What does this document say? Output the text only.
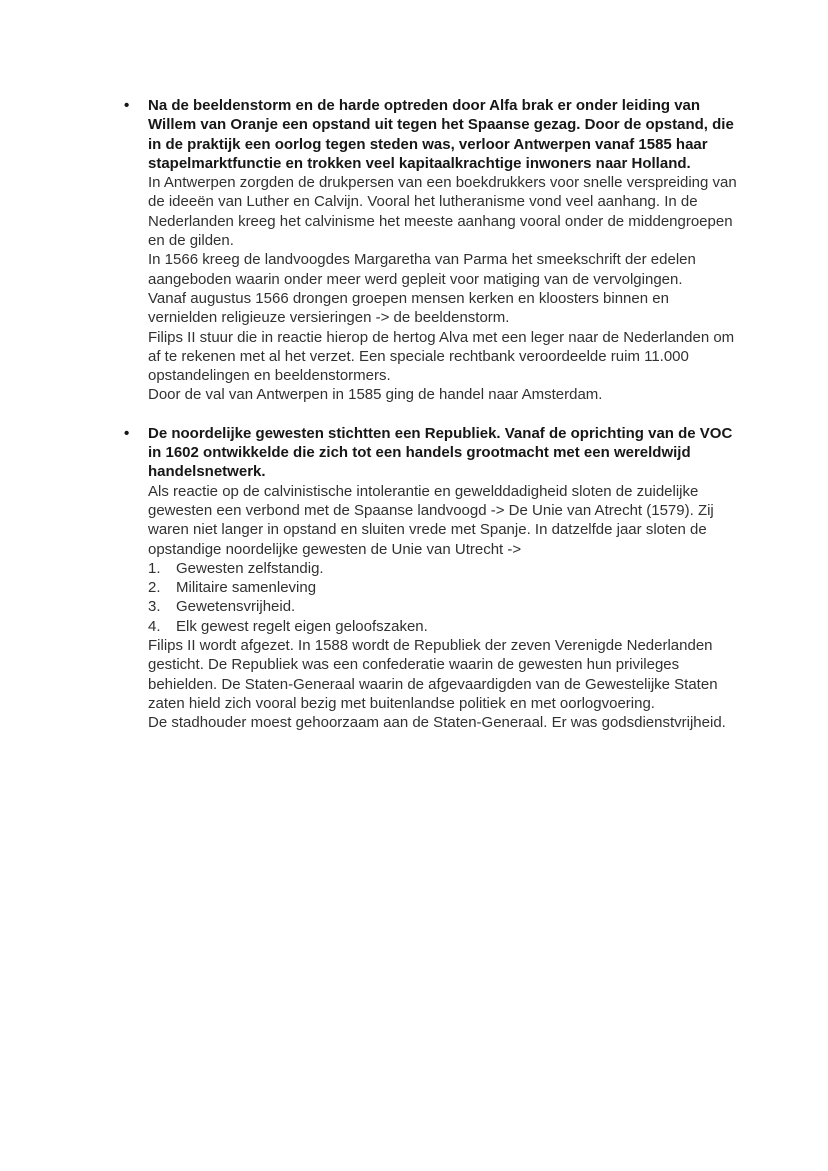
•	Na de beeldenstorm en de harde optreden door Alfa brak er onder leiding van Willem van Oranje een opstand uit tegen het Spaanse gezag. Door de opstand, die in de praktijk een oorlog tegen steden was, verloor Antwerpen vanaf 1585 haar stapelmarktfunctie en trokken veel kapitaalkrachtige inwoners naar Holland.

In Antwerpen zorgden de drukpersen van een boekdrukkers voor snelle verspreiding van de ideeën van Luther en Calvijn. Vooral het lutheranisme vond veel aanhang. In de Nederlanden kreeg het calvinisme het meeste aanhang vooral onder de middengroepen en de gilden.

In 1566 kreeg de landvoogdes Margaretha van Parma het smeekschrift der edelen aangeboden waarin onder meer werd gepleit voor matiging van de vervolgingen.

Vanaf augustus 1566 drongen groepen mensen kerken en kloosters binnen en vernielden religieuze versieringen -> de beeldenstorm.

Filips II stuur die in reactie hierop de hertog Alva met een leger naar de Nederlanden om af te rekenen met al het verzet. Een speciale rechtbank veroordeelde ruim 11.000 opstandelingen en beeldenstormers.

Door de val van Antwerpen in 1585 ging de handel naar Amsterdam.

•	De noordelijke gewesten stichtten een Republiek. Vanaf de oprichting van de VOC in 1602 ontwikkelde die zich tot een handels grootmacht met een wereldwijd handelsnetwerk.

Als reactie op de calvinistische intolerantie en gewelddadigheid sloten de zuidelijke gewesten een verbond met de Spaanse landvoogd -> De Unie van Atrecht (1579). Zij waren niet langer in opstand en sluiten vrede met Spanje. In datzelfde jaar sloten de opstandige noordelijke gewesten de Unie van Utrecht ->

1.	Gewesten zelfstandig.
2.	Militaire samenleving
3.	Gewetensvrijheid.
4.	Elk gewest regelt eigen geloofszaken.

Filips II wordt afgezet. In 1588 wordt de Republiek der zeven Verenigde Nederlanden gesticht. De Republiek was een confederatie waarin de gewesten hun privileges behielden. De Staten-Generaal waarin de afgevaardigden van de Gewestelijke Staten zaten hield zich vooral bezig met buitenlandse politiek en met oorlogvoering.

De stadhouder moest gehoorzaam aan de Staten-Generaal. Er was godsdienstvrijheid.
